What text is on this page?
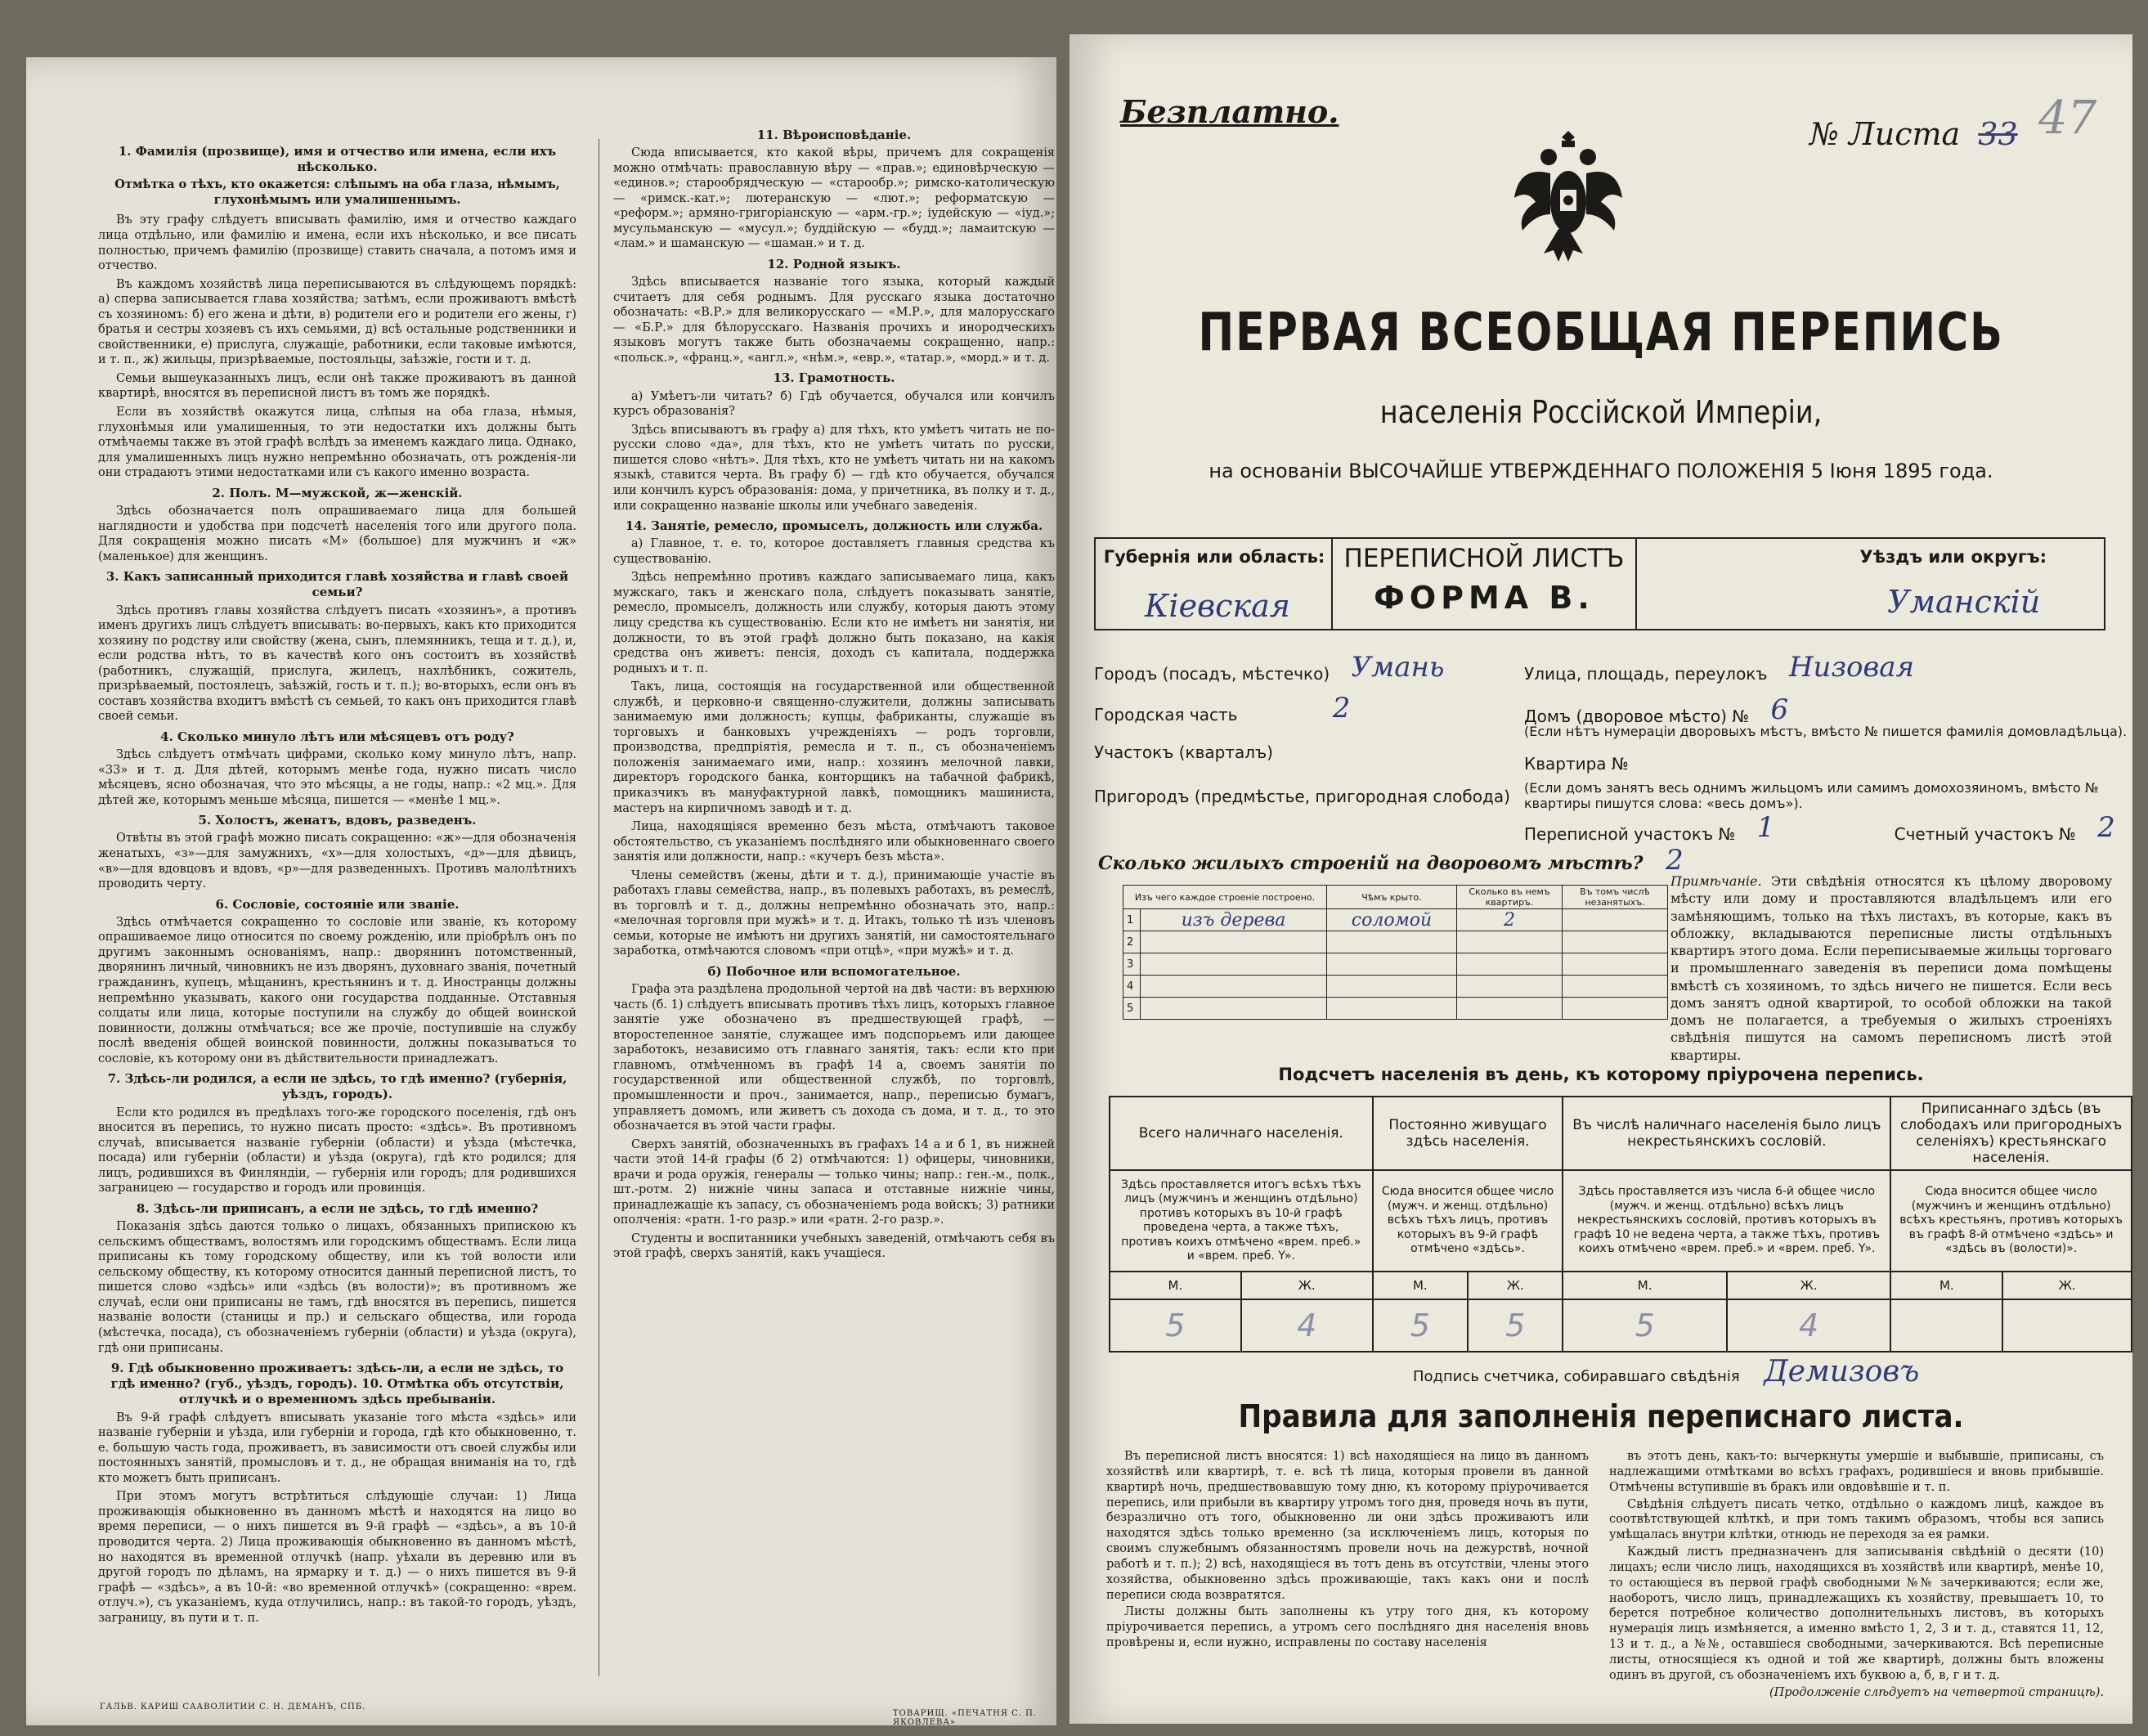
1. Фамилія (прозвище), имя и отчество или имена, если ихъ нѣсколько.
Отмѣтка о тѣхъ, кто окажется: слѣпымъ на оба глаза, нѣмымъ, глухонѣмымъ или умалишеннымъ.

Въ эту графу слѣдуетъ вписывать фамилію, имя и отчество каждаго лица отдѣльно, или фамилію и имена, если ихъ нѣсколько, и все писать полностью, причемъ фамилію (прозвище) ставить сначала, а потомъ имя и отчество.

Въ каждомъ хозяйствѣ лица переписываются въ слѣдующемъ порядкѣ: а) сперва записывается глава хозяйства; затѣмъ, если проживаютъ вмѣстѣ съ хозяиномъ: б) его жена и дѣти, в) родители его и родители его жены, г) братья и сестры хозяевъ съ ихъ семьями, д) всѣ остальные родственники и свойственники, е) прислуга, служащіе, работники, если таковые имѣются, и т. п., ж) жильцы, призрѣваемые, постояльцы, заѣзжіе, гости и т. д.

Семьи вышеуказанныхъ лицъ, если онѣ также проживаютъ въ данной квартирѣ, вносятся въ переписной листъ въ томъ же порядкѣ.

Если въ хозяйствѣ окажутся лица, слѣпыя на оба глаза, нѣмыя, глухонѣмыя или умалишенныя, то эти недостатки ихъ должны быть отмѣчаемы также въ этой графѣ вслѣдъ за именемъ каждаго лица. Однако, для умалишенныхъ лицъ нужно непремѣнно обозначать, отъ рожденія-ли они страдаютъ этими недостатками или съ какого именно возраста.

2. Полъ. М—мужской, ж—женскій.

Здѣсь обозначается полъ опрашиваемаго лица для большей наглядности и удобства при подсчетѣ населенія того или другого пола. Для сокращенія можно писать «М» (большое) для мужчинъ и «ж» (маленькое) для женщинъ.

3. Какъ записанный приходится главѣ хозяйства и главѣ своей семьи?

Здѣсь противъ главы хозяйства слѣдуетъ писать «хозяинъ», а противъ именъ другихъ лицъ слѣдуетъ вписывать: во-первыхъ, какъ кто приходится хозяину по родству или свойству (жена, сынъ, племянникъ, теща и т. д.), и, если родства нѣтъ, то въ качествѣ кого онъ состоитъ въ хозяйствѣ (работникъ, служащій, прислуга, жилецъ, нахлѣбникъ, сожитель, призрѣваемый, постоялецъ, заѣзжій, гость и т. п.); во-вторыхъ, если онъ въ составъ хозяйства входитъ вмѣстѣ съ семьей, то какъ онъ приходится главѣ своей семьи.

4. Сколько минуло лѣтъ или мѣсяцевъ отъ роду?

Здѣсь слѣдуетъ отмѣчать цифрами, сколько кому минуло лѣтъ, напр. «33» и т. д. Для дѣтей, которымъ менѣе года, нужно писать число мѣсяцевъ, ясно обозначая, что это мѣсяцы, а не годы, напр.: «2 мц.». Для дѣтей же, которымъ меньше мѣсяца, пишется — «менѣе 1 мц.».

5. Холостъ, женатъ, вдовъ, разведенъ.

Отвѣты въ этой графѣ можно писать сокращенно: «ж»—для обозначенія женатыхъ, «з»—для замужнихъ, «х»—для холостыхъ, «д»—для дѣвицъ, «в»—для вдовцовъ и вдовъ, «р»—для разведенныхъ. Противъ малолѣтнихъ проводить черту.

6. Сословіе, состояніе или званіе.

Здѣсь отмѣчается сокращенно то сословіе или званіе, къ которому опрашиваемое лицо относится по своему рожденію, или пріобрѣлъ онъ по другимъ законнымъ основаніямъ, напр.: дворянинъ потомственный, дворянинъ личный, чиновникъ не изъ дворянъ, духовнаго званія, почетный гражданинъ, купецъ, мѣщанинъ, крестьянинъ и т. д. Иностранцы должны непремѣнно указывать, какого они государства подданные. Отставныя солдаты или лица, которые поступили на службу до общей воинской повинности, должны отмѣчаться; все же прочіе, поступившіе на службу послѣ введенія общей воинской повинности, должны показываться то сословіе, къ которому они въ дѣйствительности принадлежатъ.

7. Здѣсь-ли родился, а если не здѣсь, то гдѣ именно? (губернія, уѣздъ, городъ).

Если кто родился въ предѣлахъ того-же городского поселенія, гдѣ онъ вносится въ перепись, то нужно писать просто: «здѣсь». Въ противномъ случаѣ, вписывается названіе губерніи (области) и уѣзда (мѣстечка, посада) или губерніи (области) и уѣзда (округа), гдѣ кто родился; для лицъ, родившихся въ Финляндіи, — губернія или городъ; для родившихся заграницею — государство и городъ или провинція.

8. Здѣсь-ли приписанъ, а если не здѣсь, то гдѣ именно?

Показанія здѣсь даются только о лицахъ, обязанныхъ припискою къ сельскимъ обществамъ, волостямъ или городскимъ обществамъ. Если лица приписаны къ тому городскому обществу, или къ той волости или сельскому обществу, къ которому относится данный переписной листъ, то пишется слово «здѣсь» или «здѣсь (въ волости)»; въ противномъ же случаѣ, если они приписаны не тамъ, гдѣ вносятся въ перепись, пишется названіе волости (станицы и пр.) и сельскаго общества, или города (мѣстечка, посада), съ обозначеніемъ губерніи (области) и уѣзда (округа), гдѣ они приписаны.

9. Гдѣ обыкновенно проживаетъ: здѣсь-ли, а если не здѣсь, то гдѣ именно? (губ., уѣздъ, городъ). 10. Отмѣтка объ отсутствіи, отлучкѣ и о временномъ здѣсь пребываніи.

Въ 9-й графѣ слѣдуетъ вписывать указаніе того мѣста «здѣсь» или названіе губерніи и уѣзда, или губерніи и города, гдѣ кто обыкновенно, т. е. большую часть года, проживаетъ, въ зависимости отъ своей службы или постоянныхъ занятій, промысловъ и т. д., не обращая вниманія на то, гдѣ кто можетъ быть приписанъ.

При этомъ могутъ встрѣтиться слѣдующіе случаи: 1) Лица проживающія обыкновенно въ данномъ мѣстѣ и находятся на лицо во время переписи, — о нихъ пишется въ 9-й графѣ — «здѣсь», а въ 10-й проводится черта. 2) Лица проживающія обыкновенно въ данномъ мѣстѣ, но находятся въ временной отлучкѣ (напр. уѣхали въ деревню или въ другой городъ по дѣламъ, на ярмарку и т. д.) — о нихъ пишется въ 9-й графѣ — «здѣсь», а въ 10-й: «во временной отлучкѣ» (сокращенно: «врем. отлуч.»), съ указаніемъ, куда отлучились, напр.: въ такой-то городъ, уѣздъ, заграницу, въ пути и т. п.

11. Вѣроисповѣданіе.

Сюда вписывается, кто какой вѣры, причемъ для сокращенія можно отмѣчать: православную вѣру — «прав.»; единовѣрческую — «единов.»; старообрядческую — «старообр.»; римско-католическую — «римск.-кат.»; лютеранскую — «лют.»; реформатскую — «реформ.»; армяно-григоріанскую — «арм.-гр.»; іудейскую — «іуд.»; мусульманскую — «мусул.»; буддійскую — «будд.»; ламаитскую — «лам.» и шаманскую — «шаман.» и т. д.

12. Родной языкъ.

Здѣсь вписывается названіе того языка, который каждый считаетъ для себя роднымъ. Для русскаго языка достаточно обозначать: «В.Р.» для великорусскаго — «М.Р.», для малорусскаго — «Б.Р.» для бѣлорусскаго. Названія прочихъ и инородческихъ языковъ могутъ также быть обозначаемы сокращенно, напр.: «польск.», «франц.», «англ.», «нѣм.», «евр.», «татар.», «морд.» и т. д.

13. Грамотность.

а) Умѣетъ-ли читать? б) Гдѣ обучается, обучался или кончилъ курсъ образованія?

Здѣсь вписываютъ въ графу а) для тѣхъ, кто умѣетъ читать не по-русски слово «да», для тѣхъ, кто не умѣетъ читать по русски, пишется слово «нѣтъ». Для тѣхъ, кто не умѣетъ читать ни на какомъ языкѣ, ставится черта. Въ графу б) — гдѣ кто обучается, обучался или кончилъ курсъ образованія: дома, у причетника, въ полку и т. д., или сокращенно названіе школы или учебнаго заведенія.

14. Занятіе, ремесло, промыселъ, должность или служба.

а) Главное, т. е. то, которое доставляетъ главныя средства къ существованію.

Здѣсь непремѣнно противъ каждаго записываемаго лица, какъ мужскаго, такъ и женскаго пола, слѣдуетъ показывать занятіе, ремесло, промыселъ, должность или службу, которыя даютъ этому лицу средства къ существованію. Если кто не имѣетъ ни занятія, ни должности, то въ этой графѣ должно быть показано, на какія средства онъ живетъ: пенсія, доходъ съ капитала, поддержка родныхъ и т. п.

Такъ, лица, состоящія на государственной или общественной службѣ, и церковно-и священно-служители, должны записывать занимаемую ими должность; купцы, фабриканты, служащіе въ торговыхъ и банковыхъ учрежденіяхъ — родъ торговли, производства, предпріятія, ремесла и т. п., съ обозначеніемъ положенія занимаемаго ими, напр.: хозяинъ мелочной лавки, директоръ городского банка, конторщикъ на табачной фабрикѣ, приказчикъ въ мануфактурной лавкѣ, помощникъ машиниста, мастеръ на кирпичномъ заводѣ и т. д.

Лица, находящіяся временно безъ мѣста, отмѣчаютъ таковое обстоятельство, съ указаніемъ послѣдняго или обыкновеннаго своего занятія или должности, напр.: «кучеръ безъ мѣста».

Члены семействъ (жены, дѣти и т. д.), принимающіе участіе въ работахъ главы семейства, напр., въ полевыхъ работахъ, въ ремеслѣ, въ торговлѣ и т. д., должны непремѣнно обозначать это, напр.: «мелочная торговля при мужѣ» и т. д. Итакъ, только тѣ изъ членовъ семьи, которые не имѣютъ ни другихъ занятій, ни самостоятельнаго заработка, отмѣчаются словомъ «при отцѣ», «при мужѣ» и т. д.

б) Побочное или вспомогательное.

Графа эта раздѣлена продольной чертой на двѣ части: въ верхнюю часть (б. 1) слѣдуетъ вписывать противъ тѣхъ лицъ, которыхъ главное занятіе уже обозначено въ предшествующей графѣ, — второстепенное занятіе, служащее имъ подспорьемъ или дающее заработокъ, независимо отъ главнаго занятія, такъ: если кто при главномъ, отмѣченномъ въ графѣ 14 а, своемъ занятіи по государственной или общественной службѣ, по торговлѣ, промышленности и проч., занимается, напр., переписью бумагъ, управляетъ домомъ, или живетъ съ дохода съ дома, и т. д., то это обозначается въ этой части графы.

Сверхъ занятій, обозначенныхъ въ графахъ 14 а и б 1, въ нижней части этой 14-й графы (б 2) отмѣчаются: 1) офицеры, чиновники, врачи и рода оружія, генералы — только чины; напр.: ген.-м., полк., шт.-ротм. 2) нижніе чины запаса и отставные нижніе чины, принадлежащіе къ запасу, съ обозначеніемъ рода войскъ; 3) ратники ополченія: «ратн. 1-го разр.» или «ратн. 2-го разр.».

Студенты и воспитанники учебныхъ заведеній, отмѣчаютъ себя въ этой графѣ, сверхъ занятій, какъ учащіеся.

ГАЛЬВ. КАРИШ СААВОЛИТИИ С. Н. ДЕМАНЪ, СПБ.
ТОВАРИЩ. «ПЕЧАТНЯ С. П. ЯКОВЛЕВА»
Безплатно.
№ Листа 33 47
ПЕРВАЯ ВСЕОБЩАЯ ПЕРЕПИСЬ
населенія Россійской Имперіи,
на основаніи ВЫСОЧАЙШЕ УТВЕРЖДЕННАГО ПОЛОЖЕНІЯ 5 Іюня 1895 года.
Губернія или область:
Кіевская
ПЕРЕПИСНОЙ ЛИСТЪ
ФОРМА В.
Уѣздъ или округъ:
Уманскій
Городъ (посадъ, мѣстечко) Умань	Улица, площадь, переулокъ Низовая
Городская часть	2	Домъ (дворовое мѣсто) № 6
(Если нѣтъ нумераціи дворовыхъ мѣстъ, вмѣсто № пишется фамилія домовладѣльца).
Участокъ (кварталъ)
Квартира №
Пригородъ (предмѣстье, пригородная слобода) (Если домъ занятъ весь однимъ жильцомъ или самимъ домохозяиномъ, вмѣсто № квартиры пишутся слова: «весь домъ»).
Переписной участокъ № 1	Счетный участокъ № 2
Сколько жилыхъ строеній на дворовомъ мѣстѣ? 2
Изъ чего каждое строеніе построено.		Чѣмъ крыто.	Сколько въ немъ квартиръ.	Въ томъ числѣ незанятыхъ.
1	изъ дерева	соломой	2	
2				
3				
4				
5				
Примѣчаніе. Эти свѣдѣнія относятся къ цѣлому дворовому мѣсту или дому и проставляются владѣльцемъ или его замѣняющимъ, только на тѣхъ листахъ, въ которые, какъ въ обложку, вкладываются переписные листы отдѣльныхъ квартиръ этого дома. Если переписываемые жильцы торговаго и промышленнаго заведенія въ переписи дома помѣщены вмѣстѣ съ хозяиномъ, то здѣсь ничего не пишется. Если весь домъ занятъ одной квартирой, то особой обложки на такой домъ не полагается, а требуемыя о жилыхъ строеніяхъ свѣдѣнія пишутся на самомъ переписномъ листѣ этой квартиры.
Подсчетъ населенія въ день, къ которому пріурочена перепись.
Всего наличнаго населенія.		Постоянно живущаго здѣсь населенія.		Въ числѣ наличнаго населенія было лицъ некрестьянскихъ сословій.		Приписаннаго здѣсь (въ слободахъ или пригородныхъ селеніяхъ) крестьянскаго населенія.	
Здѣсь проставляется итогъ всѣхъ тѣхъ лицъ (мужчинъ и женщинъ отдѣльно) противъ которыхъ въ 10-й графѣ проведена черта, а также тѣхъ, противъ коихъ отмѣчено «врем. преб.» и «врем. преб. Y».		Сюда вносится общее число (мужч. и женщ. отдѣльно) всѣхъ тѣхъ лицъ, противъ которыхъ въ 9-й графѣ отмѣчено «здѣсь».		Здѣсь проставляется изъ числа 6-й общее число (мужч. и женщ. отдѣльно) всѣхъ лицъ некрестьянскихъ сословій, противъ которыхъ въ графѣ 10 не ведена черта, а также тѣхъ, противъ коихъ отмѣчено «врем. преб.» и «врем. преб. Y».		Сюда вносится общее число (мужчинъ и женщинъ отдѣльно) всѣхъ крестьянъ, противъ которыхъ въ графѣ 8-й отмѣчено «здѣсь» и «здѣсь въ (волости)».	
М.	Ж.	М.	Ж.	М.	Ж.	М.	Ж.
5	4	5	5	5	4		
Подпись счетчика, собиравшаго свѣдѣнія Демизовъ
Правила для заполненія переписнаго листа.

Въ переписной листъ вносятся: 1) всѣ находящіеся на лицо въ данномъ хозяйствѣ или квартирѣ, т. е. всѣ тѣ лица, которыя провели въ данной квартирѣ ночь, предшествовавшую тому дню, къ которому пріурочивается перепись, или прибыли въ квартиру утромъ того дня, проведя ночь въ пути, безразлично отъ того, обыкновенно ли они здѣсь проживаютъ или находятся здѣсь только временно (за исключеніемъ лицъ, которыя по своимъ служебнымъ обязанностямъ провели ночь на дежурствѣ, ночной работѣ и т. п.); 2) всѣ, находящіеся въ тотъ день въ отсутствіи, члены этого хозяйства, обыкновенно здѣсь проживающіе, такъ какъ они и послѣ переписи сюда возвратятся.

Листы должны быть заполнены къ утру того дня, къ которому пріурочивается перепись, а утромъ сего послѣдняго дня населенія вновь провѣрены и, если нужно, исправлены по составу населенія

въ этотъ день, какъ-то: вычеркнуты умершіе и выбывшіе, приписаны, съ надлежащими отмѣтками во всѣхъ графахъ, родившіеся и вновь прибывшіе. Отмѣчены вступившіе въ бракъ или овдовѣвшіе и т. п.

Свѣдѣнія слѣдуетъ писать четко, отдѣльно о каждомъ лицѣ, каждое въ соотвѣтствующей клѣткѣ, и при томъ такимъ образомъ, чтобы вся запись умѣщалась внутри клѣтки, отнюдь не переходя за ея рамки.

Каждый листъ предназначенъ для записыванія свѣдѣній о десяти (10) лицахъ; если число лицъ, находящихся въ хозяйствѣ или квартирѣ, менѣе 10, то остающіеся въ первой графѣ свободными №№ зачеркиваются; если же, наоборотъ, число лицъ, принадлежащихъ къ хозяйству, превышаетъ 10, то берется потребное количество дополнительныхъ листовъ, въ которыхъ нумерація лицъ измѣняется, а именно вмѣсто 1, 2, 3 и т. д., ставятся 11, 12, 13 и т. д., а №№, оставшіеся свободными, зачеркиваются. Всѣ переписные листы, относящіеся къ одной и той же квартирѣ, должны быть вложены одинъ въ другой, съ обозначеніемъ ихъ буквою а, б, в, г и т. д.

(Продолженіе слѣдуетъ на четвертой страницѣ).
